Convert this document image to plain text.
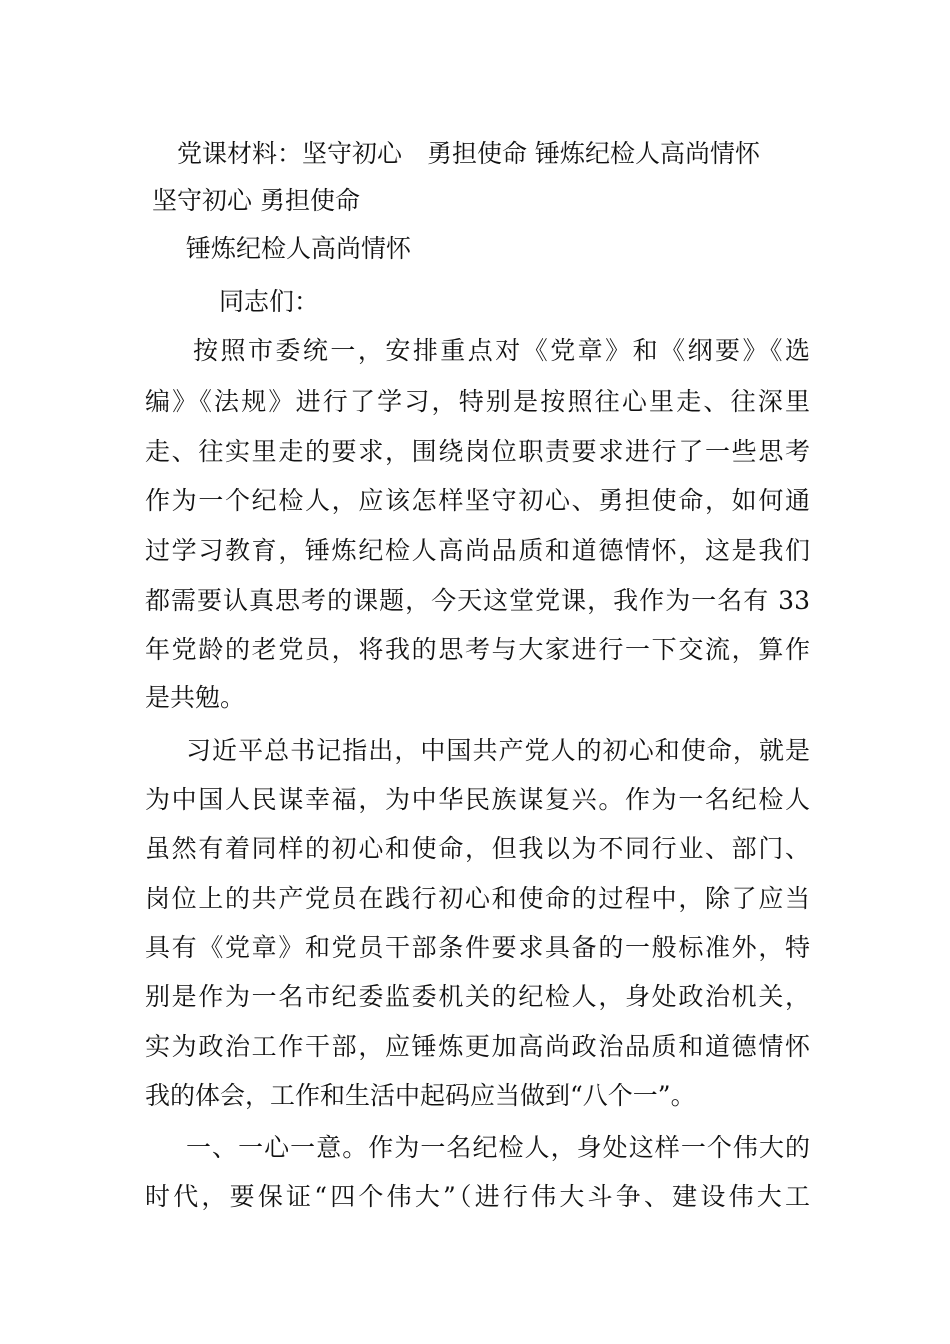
党课材料：坚守初心　勇担使命 锤炼纪检人高尚情怀
坚守初心 勇担使命
锤炼纪检人高尚情怀
同志们：
按照市委统一，安排重点对《党章》和《纲要》《选
编》《法规》进行了学习，特别是按照往心里走、往深里
走、往实里走的要求，围绕岗位职责要求进行了一些思考
作为一个纪检人，应该怎样坚守初心、勇担使命，如何通
过学习教育，锤炼纪检人高尚品质和道德情怀，这是我们
都需要认真思考的课题，今天这堂党课，我作为一名有 33
年党龄的老党员，将我的思考与大家进行一下交流，算作
是共勉。
习近平总书记指出，中国共产党人的初心和使命，就是
为中国人民谋幸福，为中华民族谋复兴。作为一名纪检人
虽然有着同样的初心和使命，但我以为不同行业、部门、
岗位上的共产党员在践行初心和使命的过程中，除了应当
具有《党章》和党员干部条件要求具备的一般标准外，特
别是作为一名市纪委监委机关的纪检人，身处政治机关，
实为政治工作干部，应锤炼更加高尚政治品质和道德情怀
我的体会，工作和生活中起码应当做到“八个一”。
一、一心一意。作为一名纪检人，身处这样一个伟大的
时代，要保证“四个伟大”（进行伟大斗争、建设伟大工
